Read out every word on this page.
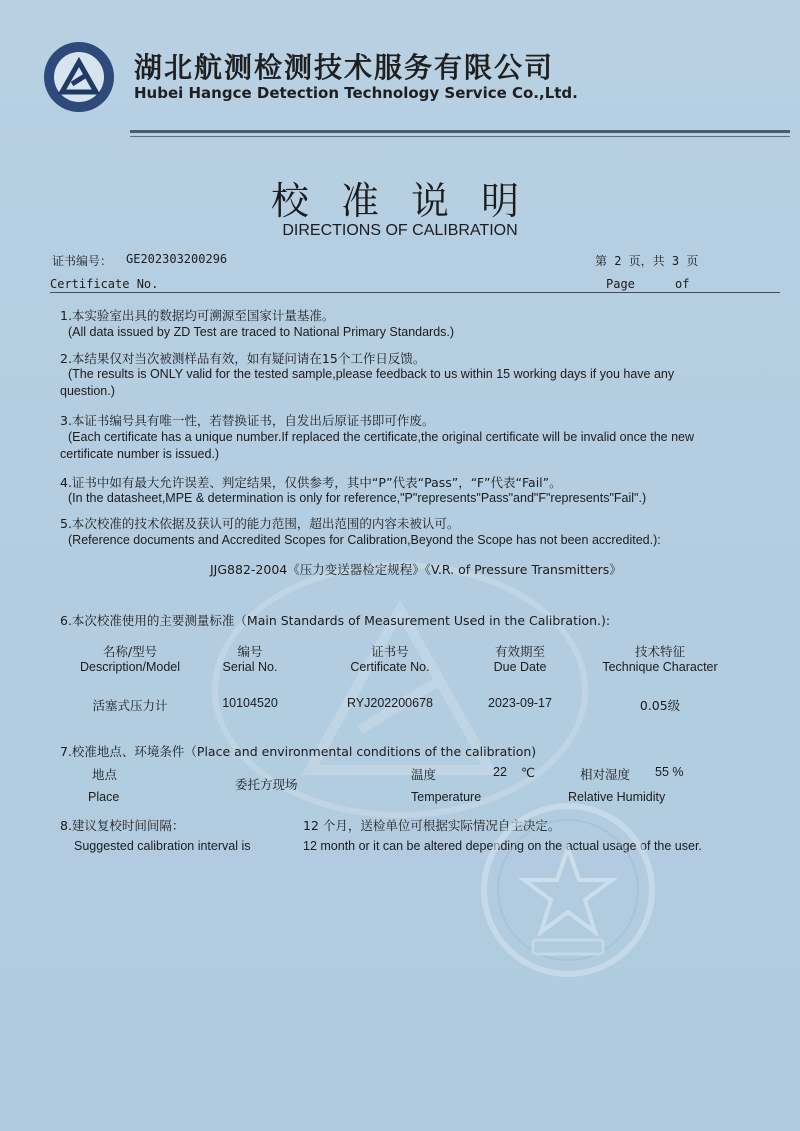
湖北航测检测技术服务有限公司
Hubei Hangce Detection Technology Service Co.,Ltd.
校 准 说 明
DIRECTIONS OF CALIBRATION
证书编号： GE202303200296
Certificate No.
第 2 页，共 3 页
Page	of
1.本实验室出具的数据均可溯源至国家计量基准。
(All data issued by ZD Test are traced to National Primary Standards.)
2.本结果仅对当次被测样品有效，如有疑问请在15个工作日反馈。
(The results is ONLY valid for the tested sample,please feedback to us within 15 working days if you have any
question.)
3.本证书编号具有唯一性，若替换证书，自发出后原证书即可作废。
(Each certificate has a unique number.If replaced the certificate,the original certificate will be invalid once the new
certificate number is issued.)
4.证书中如有最大允许误差、判定结果，仅供参考，其中“P”代表“Pass”，“F”代表“Fail”。
(In the datasheet,MPE & determination is only for reference,"P"represents"Pass"and"F"represents"Fail".)
5.本次校准的技术依据及获认可的能力范围，超出范围的内容未被认可。
(Reference documents and Accredited Scopes for Calibration,Beyond the Scope has not been accredited.):
JJG882-2004《压力变送器检定规程》《V.R. of Pressure Transmitters》
6.本次校准使用的主要测量标准（Main Standards of Measurement Used in the Calibration.):
名称/型号	编号	证书号	有效期至	技术特征
Description/Model	Serial No.	Certificate No.	Due Date	Technique Character
活塞式压力计	10104520	RYJ202200678	2023-09-17	0.05级
7.校准地点、环境条件（Place and environmental conditions of the calibration)
地点
Place
委托方现场
温度	22 ℃
Temperature
相对湿度 55 %
Relative Humidity
8.建议复校时间间隔：
Suggested calibration interval is
12 个月，送检单位可根据实际情况自主决定。
12 month or it can be altered depending on the actual usage of the user.
